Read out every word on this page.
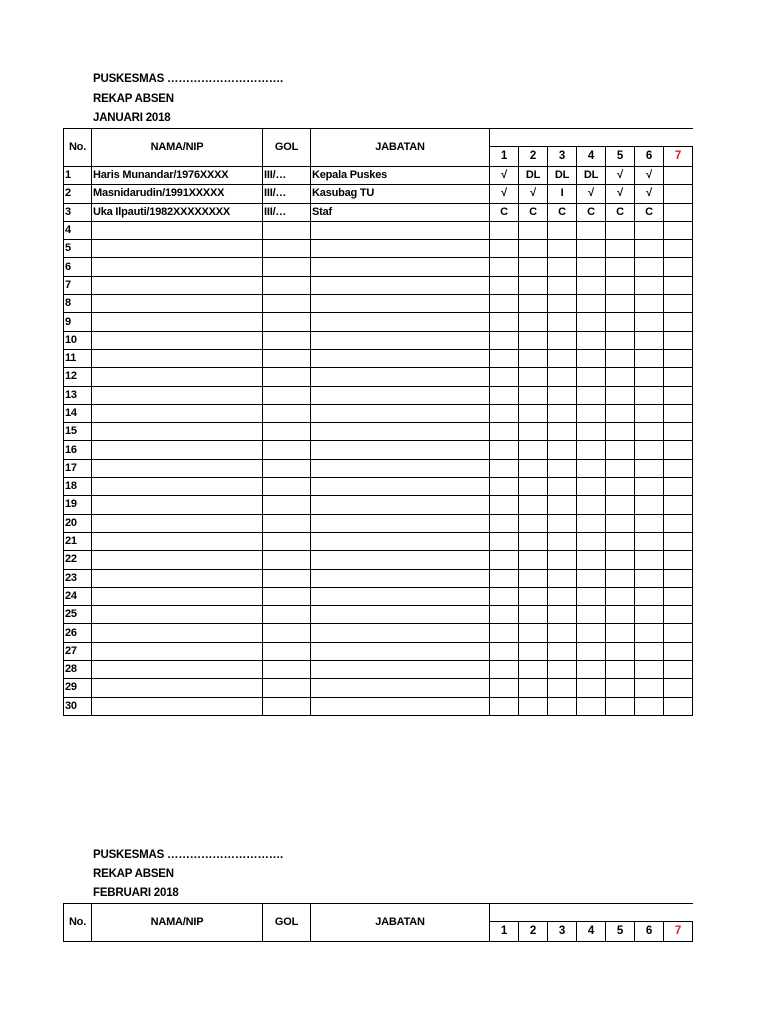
PUSKESMAS ………………………….
REKAP ABSEN
JANUARI 2018
No.	NAMA/NIP	GOL	JABATAN							
				1	2	3	4	5	6	7
1	Haris Munandar/1976XXXX	III/…	Kepala Puskes	√	DL	DL	DL	√	√	
2	Masnidarudin/1991XXXXX	III/…	Kasubag TU	√	√	I	√	√	√	
3	Uka Ilpauti/1982XXXXXXXX	III/…	Staf	C	C	C	C	C	C	
4										
5										
6										
7										
8										
9										
10										
11										
12										
13										
14										
15										
16										
17										
18										
19										
20										
21										
22										
23										
24										
25										
26										
27										
28										
29										
30										
PUSKESMAS ………………………….
REKAP ABSEN
FEBRUARI 2018
No.	NAMA/NIP	GOL	JABATAN							
				1	2	3	4	5	6	7
